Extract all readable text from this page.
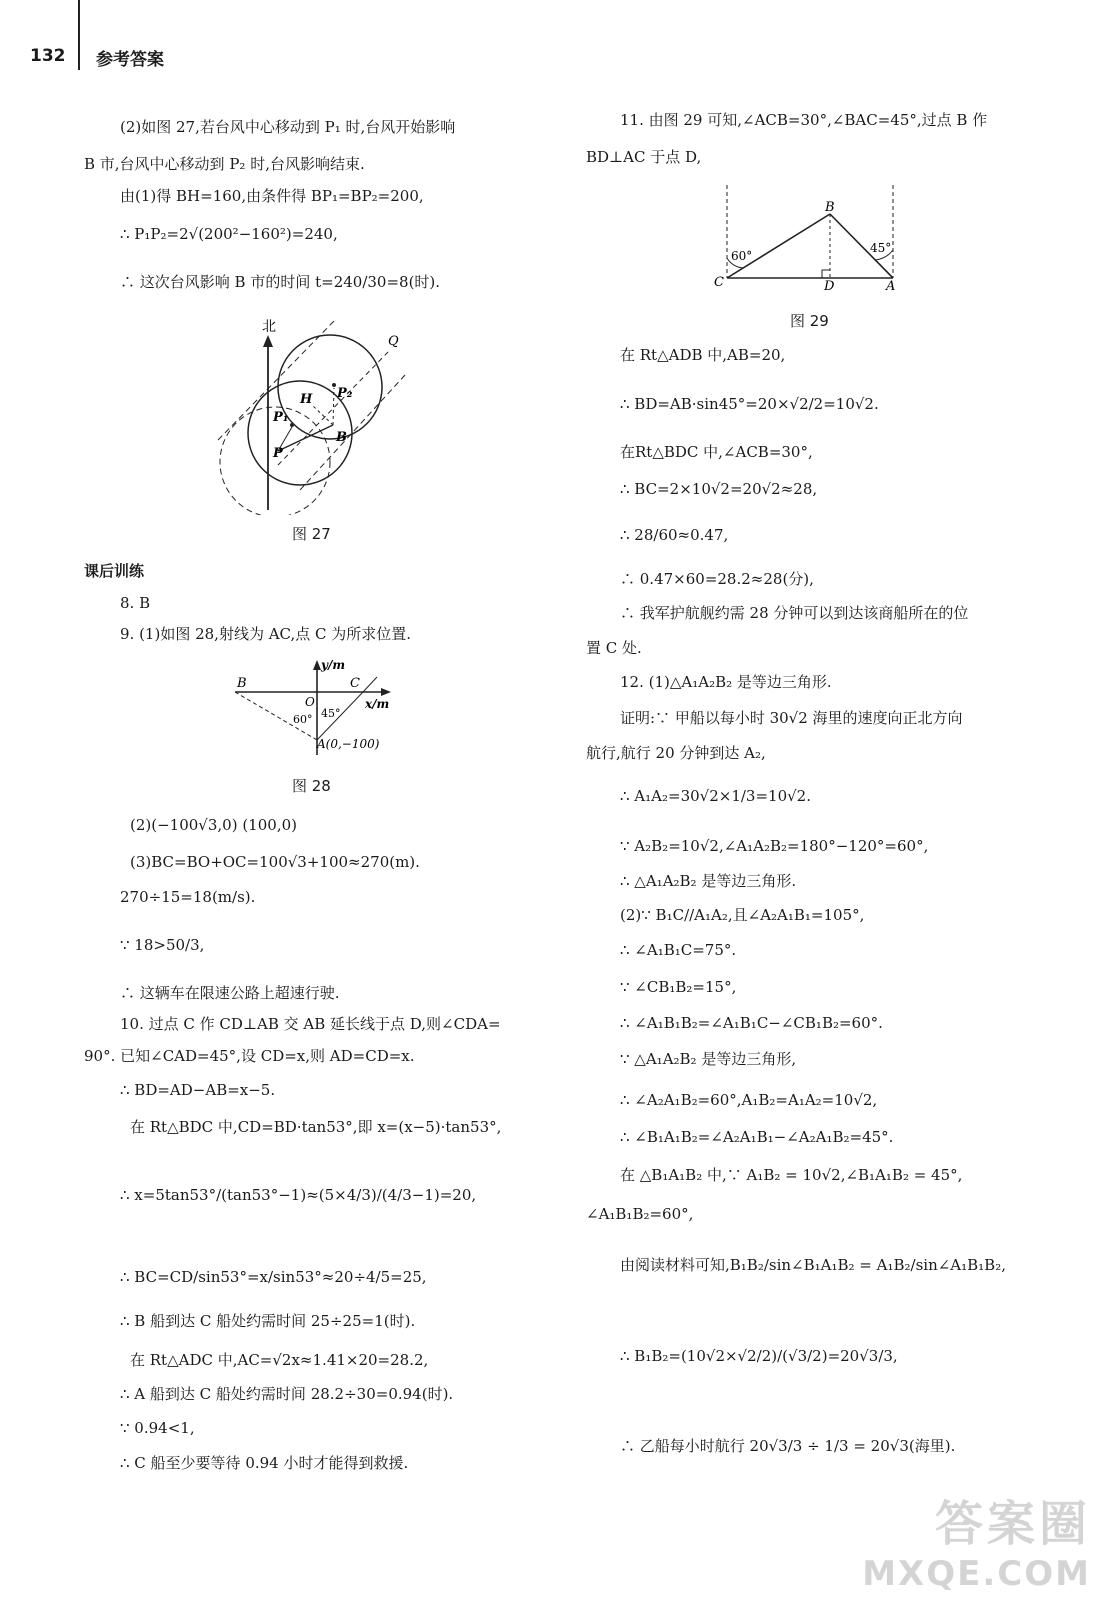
132 参考答案
(2)如图 27,若台风中心移动到 P₁ 时,台风开始影响
B 市,台风中心移动到 P₂ 时,台风影响结束.
由(1)得 BH=160,由条件得 BP₁=BP₂=200,
∴ P₁P₂=2√(200²−160²)=240,
∴ 这次台风影响 B 市的时间 t=240/30=8(时).
北
Q
P₂
H
P₁
B
P
图 27
课后训练
8. B
9. (1)如图 28,射线为 AC,点 C 为所求位置.
y/m
B	C
O
45°
60°
x/m
A(0,−100)
图 28
(2)(−100√3,0) (100,0)
(3)BC=BO+OC=100√3+100≈270(m).
270÷15=18(m/s).
∵ 18>50/3,
∴ 这辆车在限速公路上超速行驶.
10. 过点 C 作 CD⊥AB 交 AB 延长线于点 D,则∠CDA=
90°. 已知∠CAD=45°,设 CD=x,则 AD=CD=x.
∴ BD=AD−AB=x−5.
在 Rt△BDC 中,CD=BD·tan53°,即 x=(x−5)·tan53°,
∴ x=5tan53°/(tan53°−1)≈(5×4/3)/(4/3−1)=20,
∴ BC=CD/sin53°=x/sin53°≈20÷4/5=25,
∴ B 船到达 C 船处约需时间 25÷25=1(时).
在 Rt△ADC 中,AC=√2x≈1.41×20=28.2,
∴ A 船到达 C 船处约需时间 28.2÷30=0.94(时).
∵ 0.94<1,
∴ C 船至少要等待 0.94 小时才能得到救援.
11. 由图 29 可知,∠ACB=30°,∠BAC=45°,过点 B 作
BD⊥AC 于点 D,
B
60°
45°
C	D	A
图 29
在 Rt△ADB 中,AB=20,
∴ BD=AB·sin45°=20×√2/2=10√2.
在Rt△BDC 中,∠ACB=30°,
∴ BC=2×10√2=20√2≈28,
∴ 28/60≈0.47,
∴ 0.47×60=28.2≈28(分),
∴ 我军护航舰约需 28 分钟可以到达该商船所在的位
置 C 处.
12. (1)△A₁A₂B₂ 是等边三角形.
证明:∵ 甲船以每小时 30√2 海里的速度向正北方向
航行,航行 20 分钟到达 A₂,
∴ A₁A₂=30√2×1/3=10√2.
∵ A₂B₂=10√2,∠A₁A₂B₂=180°−120°=60°,
∴ △A₁A₂B₂ 是等边三角形.
(2)∵ B₁C//A₁A₂,且∠A₂A₁B₁=105°,
∴ ∠A₁B₁C=75°.
∵ ∠CB₁B₂=15°,
∴ ∠A₁B₁B₂=∠A₁B₁C−∠CB₁B₂=60°.
∵ △A₁A₂B₂ 是等边三角形,
∴ ∠A₂A₁B₂=60°,A₁B₂=A₁A₂=10√2,
∴ ∠B₁A₁B₂=∠A₂A₁B₁−∠A₂A₁B₂=45°.
在 △B₁A₁B₂ 中,∵ A₁B₂ = 10√2,∠B₁A₁B₂ = 45°,
∠A₁B₁B₂=60°,
由阅读材料可知,B₁B₂/sin∠B₁A₁B₂ = A₁B₂/sin∠A₁B₁B₂,
∴ B₁B₂=(10√2×√2/2)/(√3/2)=20√3/3,
∴ 乙船每小时航行 20√3/3 ÷ 1/3 = 20√3(海里).
答案圈
MXQE.COM
